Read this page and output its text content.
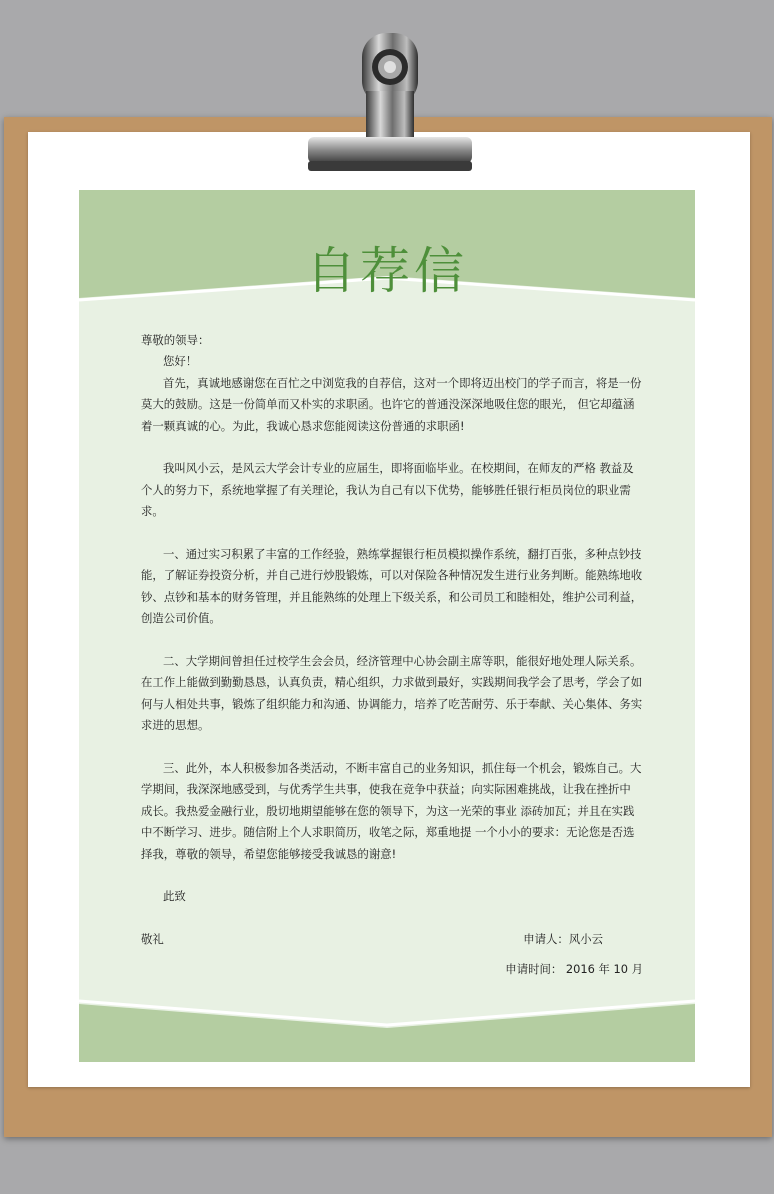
自荐信

尊敬的领导：

您好！

首先，真诚地感谢您在百忙之中浏览我的自荐信，这对一个即将迈出校门的学子而言，将是一份莫大的鼓励。这是一份简单而又朴实的求职函。也许它的普通没深深地吸住您的眼光， 但它却蕴涵着一颗真诚的心。为此，我诚心恳求您能阅读这份普通的求职函!

我叫风小云，是风云大学会计专业的应届生，即将面临毕业。在校期间，在师友的严格 教益及个人的努力下，系统地掌握了有关理论，我认为自己有以下优势，能够胜任银行柜员岗位的职业需求。

一、通过实习积累了丰富的工作经验，熟练掌握银行柜员模拟操作系统，翻打百张，多种点钞技能，了解证券投资分析，并自己进行炒股锻炼，可以对保险各种情况发生进行业务判断。能熟练地收钞、点钞和基本的财务管理，并且能熟练的处理上下级关系，和公司员工和睦相处，维护公司利益，创造公司价值。

二、大学期间曾担任过校学生会会员，经济管理中心协会副主席等职，能很好地处理人际关系。在工作上能做到勤勤恳恳，认真负责，精心组织，力求做到最好，实践期间我学会了思考，学会了如何与人相处共事，锻炼了组织能力和沟通、协调能力，培养了吃苦耐劳、乐于奉献、关心集体、务实求进的思想。

三、此外，本人积极参加各类活动，不断丰富自己的业务知识，抓住每一个机会，锻炼自己。大学期间，我深深地感受到，与优秀学生共事，使我在竞争中获益；向实际困难挑战，让我在挫折中 成长。我热爱金融行业，殷切地期望能够在您的领导下，为这一光荣的事业 添砖加瓦；并且在实践中不断学习、进步。随信附上个人求职简历，收笔之际，郑重地提 一个小小的要求：无论您是否选择我，尊敬的领导，希望您能够接受我诚恳的谢意!

此致

敬礼	申请人：风小云
申请时间： 2016 年 10 月
